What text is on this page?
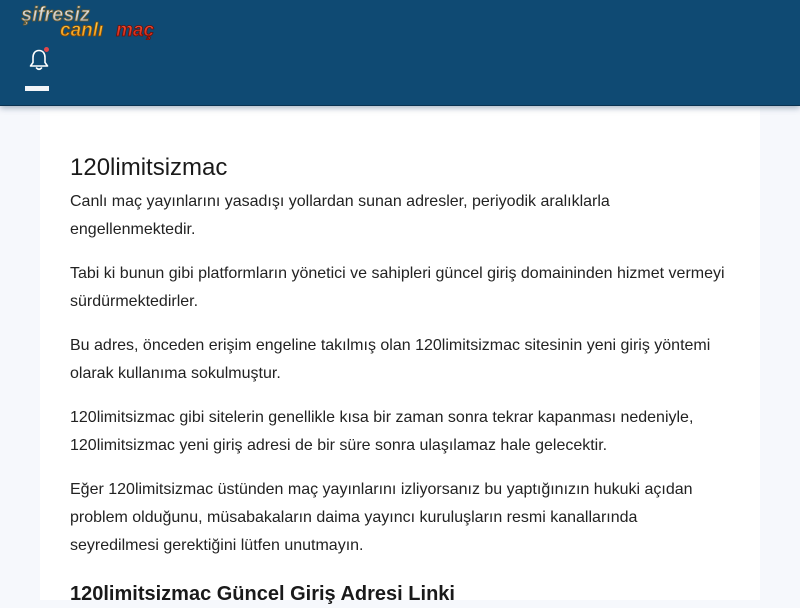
şifresiz
canlı maç
120limitsizmac

Canlı maç yayınlarını yasadışı yollardan sunan adresler, periyodik aralıklarla engellenmektedir.

Tabi ki bunun gibi platformların yönetici ve sahipleri güncel giriş domaininden hizmet vermeyi sürdürmektedirler.

Bu adres, önceden erişim engeline takılmış olan 120limitsizmac sitesinin yeni giriş yöntemi olarak kullanıma sokulmuştur.

120limitsizmac gibi sitelerin genellikle kısa bir zaman sonra tekrar kapanması nedeniyle, 120limitsizmac yeni giriş adresi de bir süre sonra ulaşılamaz hale gelecektir.

Eğer 120limitsizmac üstünden maç yayınlarını izliyorsanız bu yaptığınızın hukuki açıdan problem olduğunu, müsabakaların daima yayıncı kuruluşların resmi kanallarında seyredilmesi gerektiğini lütfen unutmayın.

120limitsizmac Güncel Giriş Adresi Linki
